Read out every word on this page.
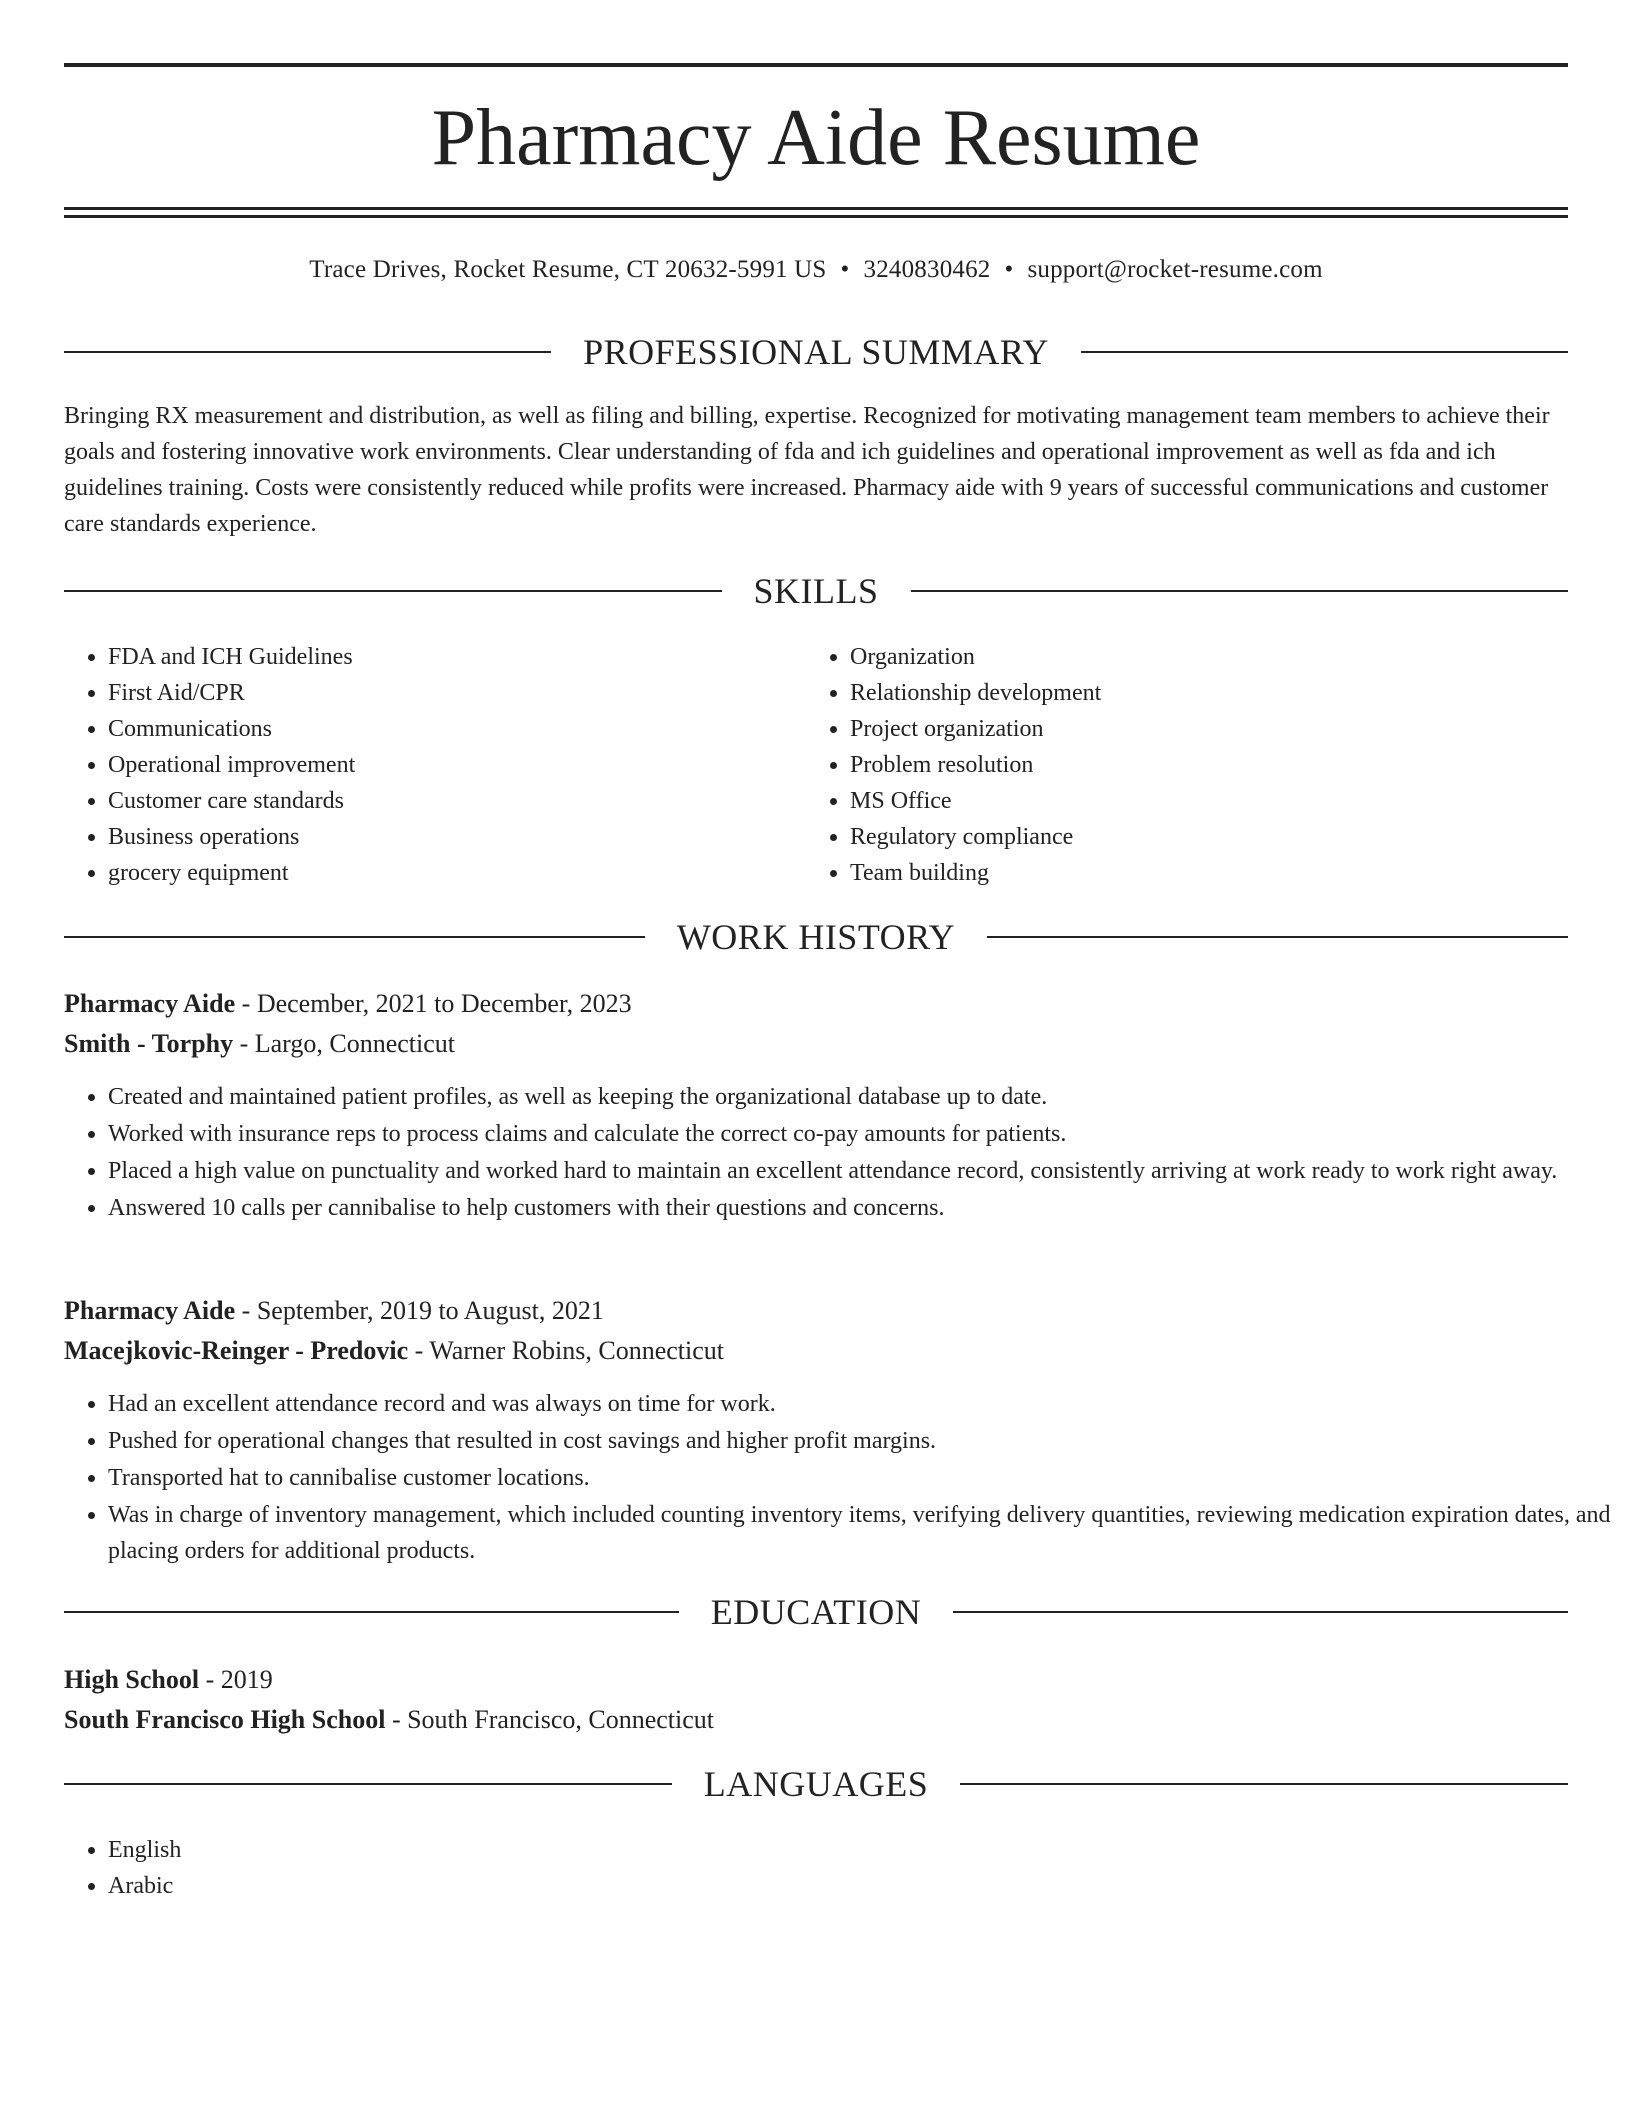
Pharmacy Aide Resume
Trace Drives, Rocket Resume, CT 20632-5991 US • 3240830462 • support@rocket-resume.com
PROFESSIONAL SUMMARY

Bringing RX measurement and distribution, as well as filing and billing, expertise. Recognized for motivating management team members to achieve their goals and fostering innovative work environments. Clear understanding of fda and ich guidelines and operational improvement as well as fda and ich guidelines training. Costs were consistently reduced while profits were increased. Pharmacy aide with 9 years of successful communications and customer care standards experience.

SKILLS
• FDA and ICH Guidelines
• First Aid/CPR
• Communications
• Operational improvement
• Customer care standards
• Business operations
• grocery equipment
• Organization
• Relationship development
• Project organization
• Problem resolution
• MS Office
• Regulatory compliance
• Team building
WORK HISTORY
Pharmacy Aide - December, 2021 to December, 2023
Smith - Torphy - Largo, Connecticut
• Created and maintained patient profiles, as well as keeping the organizational database up to date.
• Worked with insurance reps to process claims and calculate the correct co-pay amounts for patients.
• Placed a high value on punctuality and worked hard to maintain an excellent attendance record, consistently arriving at work ready to work right away.
• Answered 10 calls per cannibalise to help customers with their questions and concerns.
Pharmacy Aide - September, 2019 to August, 2021
Macejkovic-Reinger - Predovic - Warner Robins, Connecticut
• Had an excellent attendance record and was always on time for work.
• Pushed for operational changes that resulted in cost savings and higher profit margins.
• Transported hat to cannibalise customer locations.
• Was in charge of inventory management, which included counting inventory items, verifying delivery quantities, reviewing medication expiration dates, and placing orders for additional products.
EDUCATION
High School - 2019
South Francisco High School - South Francisco, Connecticut
LANGUAGES
• English
• Arabic
